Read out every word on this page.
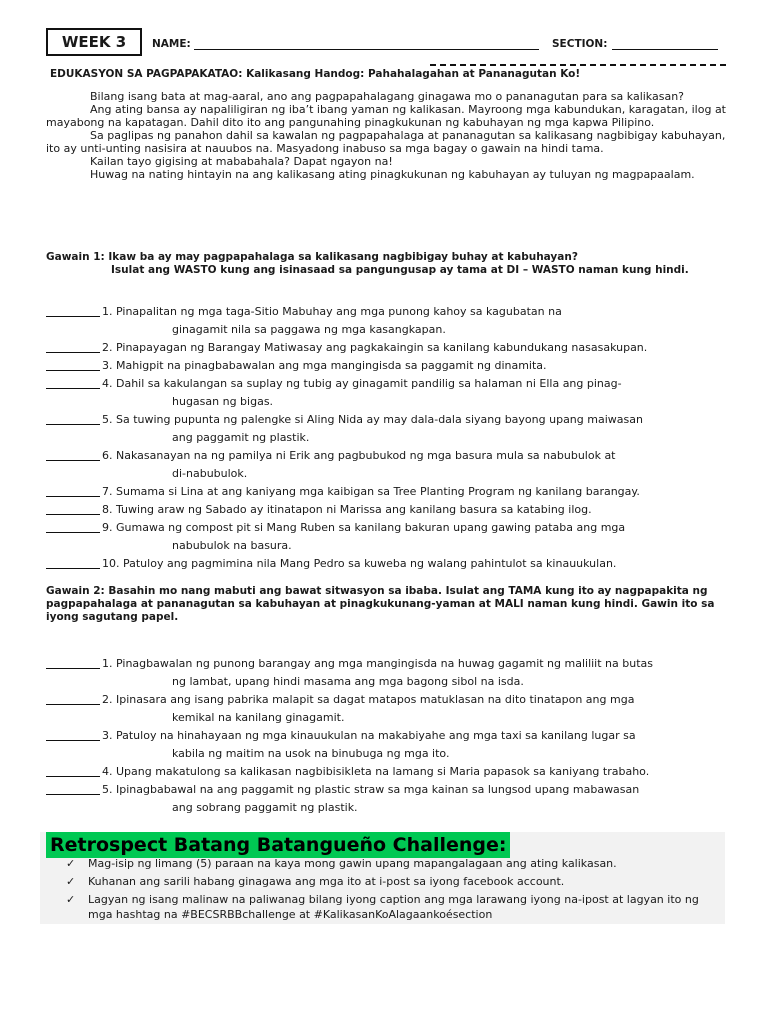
WEEK 3	NAME:	SECTION:
EDUKASYON SA PAGPAPAKATAO: Kalikasang Handog: Pahahalagahan at Pananagutan Ko!

Bilang isang bata at mag-aaral, ano ang pagpapahalagang ginagawa mo o pananagutan para sa kalikasan?

Ang ating bansa ay napaliligiran ng iba’t ibang yaman ng kalikasan. Mayroong mga kabundukan, karagatan, ilog at mayabong na kapatagan. Dahil dito ito ang pangunahing pinagkukunan ng kabuhayan ng mga kapwa Pilipino.

Sa paglipas ng panahon dahil sa kawalan ng pagpapahalaga at pananagutan sa kalikasang nagbibigay kabuhayan, ito ay unti-unting nasisira at nauubos na. Masyadong inabuso sa mga bagay o gawain na hindi tama.

Kailan tayo gigising at mababahala? Dapat ngayon na!

Huwag na nating hintayin na ang kalikasang ating pinagkukunan ng kabuhayan ay tuluyan ng magpapaalam.

Gawain 1: Ikaw ba ay may pagpapahalaga sa kalikasang nagbibigay buhay at kabuhayan?
Isulat ang WASTO kung ang isinasaad sa pangungusap ay tama at DI – WASTO naman kung hindi.
1. Pinapalitan ng mga taga-Sitio Mabuhay ang mga punong kahoy sa kagubatan na
ginagamit nila sa paggawa ng mga kasangkapan.
2. Pinapayagan ng Barangay Matiwasay ang pagkakaingin sa kanilang kabundukang nasasakupan.
3. Mahigpit na pinagbabawalan ang mga mangingisda sa paggamit ng dinamita.
4. Dahil sa kakulangan sa suplay ng tubig ay ginagamit pandilig sa halaman ni Ella ang pinag-
hugasan ng bigas.
5. Sa tuwing pupunta ng palengke si Aling Nida ay may dala-dala siyang bayong upang maiwasan
ang paggamit ng plastik.
6. Nakasanayan na ng pamilya ni Erik ang pagbubukod ng mga basura mula sa nabubulok at
di-nabubulok.
7. Sumama si Lina at ang kaniyang mga kaibigan sa Tree Planting Program ng kanilang barangay.
8. Tuwing araw ng Sabado ay itinatapon ni Marissa ang kanilang basura sa katabing ilog.
9. Gumawa ng compost pit si Mang Ruben sa kanilang bakuran upang gawing pataba ang mga
nabubulok na basura.
10. Patuloy ang pagmimina nila Mang Pedro sa kuweba ng walang pahintulot sa kinauukulan.
Gawain 2: Basahin mo nang mabuti ang bawat sitwasyon sa ibaba. Isulat ang TAMA kung ito ay nagpapakita ng pagpapahalaga at pananagutan sa kabuhayan at pinagkukunang-yaman at MALI naman kung hindi. Gawin ito sa iyong sagutang papel.
1. Pinagbawalan ng punong barangay ang mga mangingisda na huwag gagamit ng maliliit na butas
ng lambat, upang hindi masama ang mga bagong sibol na isda.
2. Ipinasara ang isang pabrika malapit sa dagat matapos matuklasan na dito tinatapon ang mga
kemikal na kanilang ginagamit.
3. Patuloy na hinahayaan ng mga kinauukulan na makabiyahe ang mga taxi sa kanilang lugar sa
kabila ng maitim na usok na binubuga ng mga ito.
4. Upang makatulong sa kalikasan nagbibisikleta na lamang si Maria papasok sa kaniyang trabaho.
5. Ipinagbabawal na ang paggamit ng plastic straw sa mga kainan sa lungsod upang mabawasan
ang sobrang paggamit ng plastik.
Retrospect Batang Batangueño Challenge:
✓	Mag-isip ng limang (5) paraan na kaya mong gawin upang mapangalagaan ang ating kalikasan.
✓	Kuhanan ang sarili habang ginagawa ang mga ito at i-post sa iyong facebook account.
✓	Lagyan ng isang malinaw na paliwanag bilang iyong caption ang mga larawang iyong na-ipost at lagyan ito ng mga hashtag na #BECSRBBchallenge at #KalikasanKoAlagaankoésection
